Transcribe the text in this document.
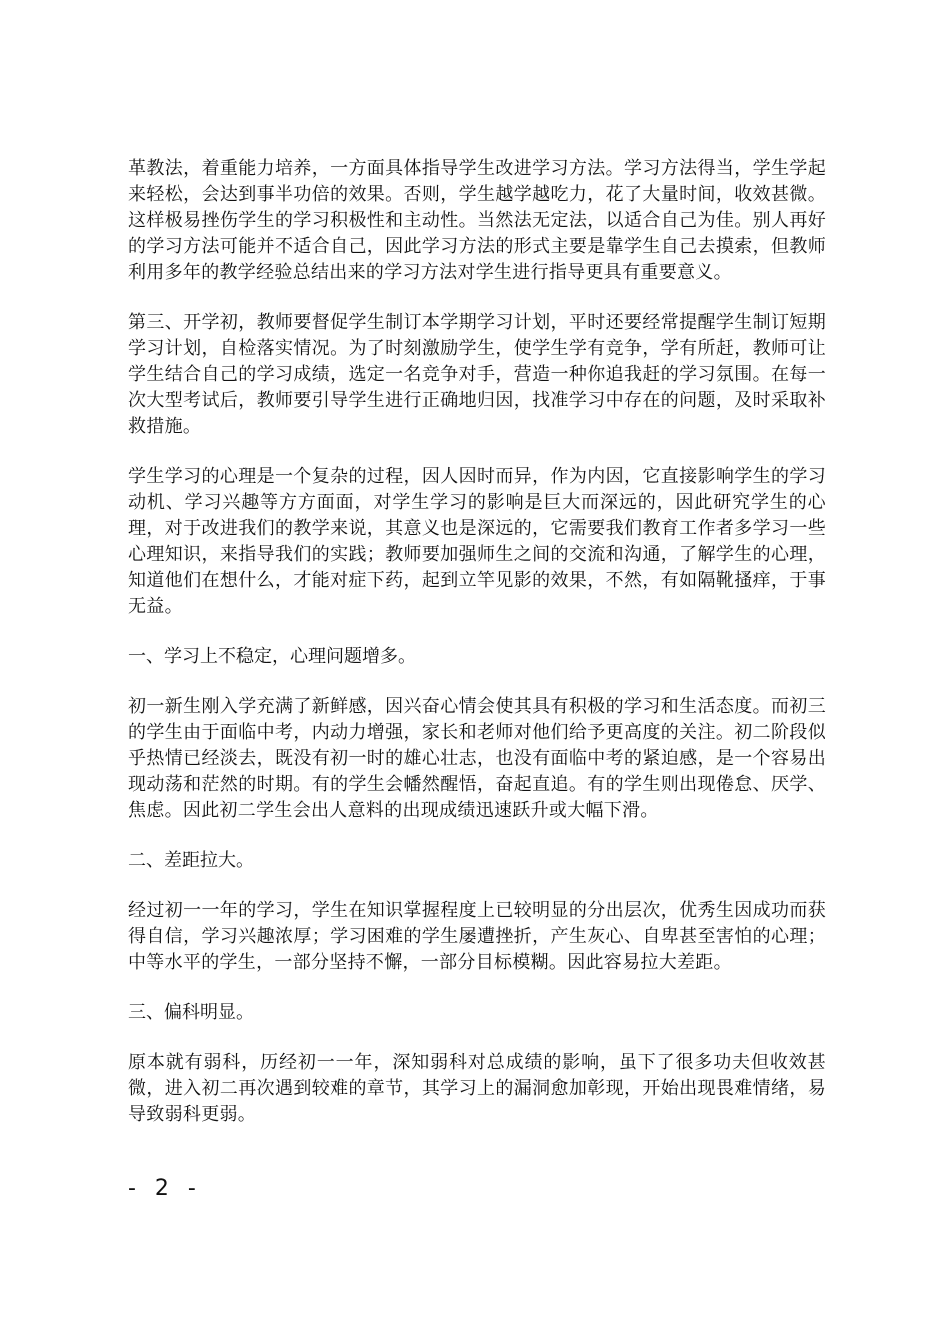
革教法，着重能力培养，一方面具体指导学生改进学习方法。学习方法得当，学生学起来轻松，会达到事半功倍的效果。否则，学生越学越吃力，花了大量时间，收效甚微。这样极易挫伤学生的学习积极性和主动性。当然法无定法，以适合自己为佳。别人再好的学习方法可能并不适合自己，因此学习方法的形式主要是靠学生自己去摸索，但教师利用多年的教学经验总结出来的学习方法对学生进行指导更具有重要意义。

第三、开学初，教师要督促学生制订本学期学习计划，平时还要经常提醒学生制订短期学习计划，自检落实情况。为了时刻激励学生，使学生学有竞争，学有所赶，教师可让学生结合自己的学习成绩，选定一名竞争对手，营造一种你追我赶的学习氛围。在每一次大型考试后，教师要引导学生进行正确地归因，找准学习中存在的问题，及时采取补救措施。

学生学习的心理是一个复杂的过程，因人因时而异，作为内因，它直接影响学生的学习动机、学习兴趣等方方面面，对学生学习的影响是巨大而深远的，因此研究学生的心理，对于改进我们的教学来说，其意义也是深远的，它需要我们教育工作者多学习一些心理知识，来指导我们的实践；教师要加强师生之间的交流和沟通，了解学生的心理，知道他们在想什么，才能对症下药，起到立竿见影的效果，不然，有如隔靴搔痒，于事无益。

一、学习上不稳定，心理问题增多。

初一新生刚入学充满了新鲜感，因兴奋心情会使其具有积极的学习和生活态度。而初三的学生由于面临中考，内动力增强，家长和老师对他们给予更高度的关注。初二阶段似乎热情已经淡去，既没有初一时的雄心壮志，也没有面临中考的紧迫感，是一个容易出现动荡和茫然的时期。有的学生会幡然醒悟，奋起直追。有的学生则出现倦怠、厌学、焦虑。因此初二学生会出人意料的出现成绩迅速跃升或大幅下滑。

二、差距拉大。

经过初一一年的学习，学生在知识掌握程度上已较明显的分出层次，优秀生因成功而获得自信，学习兴趣浓厚；学习困难的学生屡遭挫折，产生灰心、自卑甚至害怕的心理；中等水平的学生，一部分坚持不懈，一部分目标模糊。因此容易拉大差距。

三、偏科明显。

原本就有弱科，历经初一一年，深知弱科对总成绩的影响，虽下了很多功夫但收效甚微，进入初二再次遇到较难的章节，其学习上的漏洞愈加彰现，开始出现畏难情绪，易导致弱科更弱。

- 2 -
